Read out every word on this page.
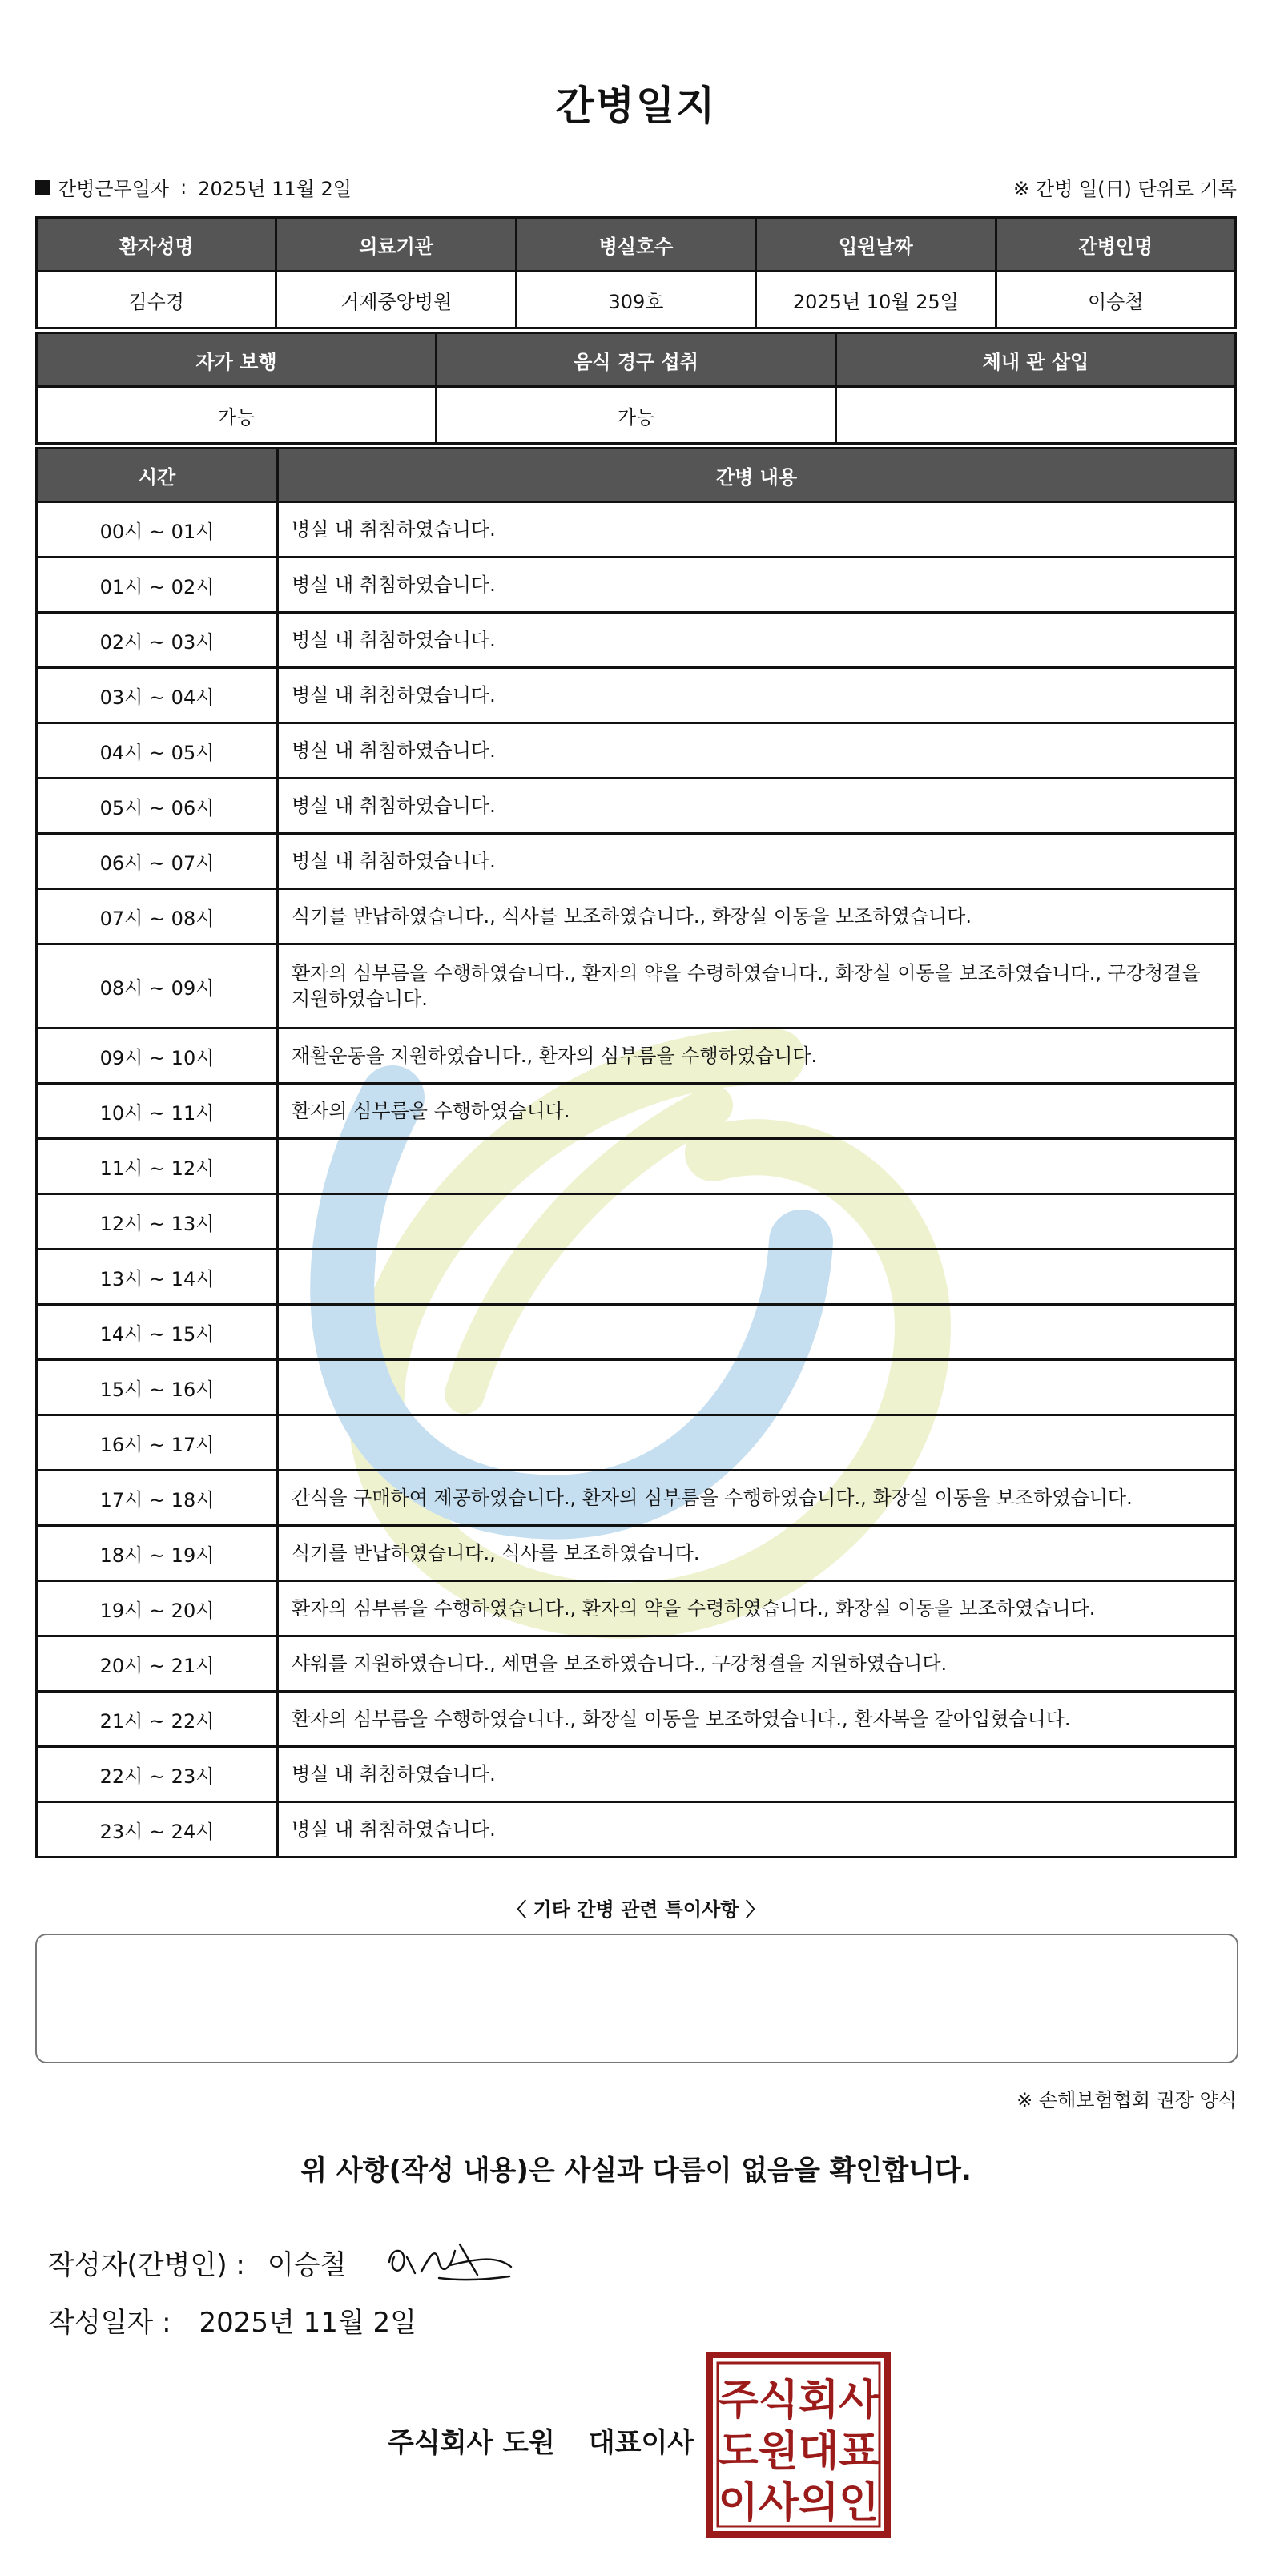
간병일지
간병근무일자 : 2025년 11월 2일	※ 간병 일(日) 단위로 기록
환자성명	의료기관	병실호수	입원날짜	간병인명
김수경	거제중앙병원	309호	2025년 10월 25일	이승철
자가 보행	음식 경구 섭취	체내 관 삽입
가능	가능	
시간	간병 내용
00시 ~ 01시	병실 내 취침하였습니다.
01시 ~ 02시	병실 내 취침하였습니다.
02시 ~ 03시	병실 내 취침하였습니다.
03시 ~ 04시	병실 내 취침하였습니다.
04시 ~ 05시	병실 내 취침하였습니다.
05시 ~ 06시	병실 내 취침하였습니다.
06시 ~ 07시	병실 내 취침하였습니다.
07시 ~ 08시	식기를 반납하였습니다., 식사를 보조하였습니다., 화장실 이동을 보조하였습니다.
08시 ~ 09시	환자의 심부름을 수행하였습니다., 환자의 약을 수령하였습니다., 화장실 이동을 보조하였습니다., 구강청결을 지원하였습니다.
09시 ~ 10시	재활운동을 지원하였습니다., 환자의 심부름을 수행하였습니다.
10시 ~ 11시	환자의 심부름을 수행하였습니다.
11시 ~ 12시	
12시 ~ 13시	
13시 ~ 14시	
14시 ~ 15시	
15시 ~ 16시	
16시 ~ 17시	
17시 ~ 18시	간식을 구매하여 제공하였습니다., 환자의 심부름을 수행하였습니다., 화장실 이동을 보조하였습니다.
18시 ~ 19시	식기를 반납하였습니다., 식사를 보조하였습니다.
19시 ~ 20시	환자의 심부름을 수행하였습니다., 환자의 약을 수령하였습니다., 화장실 이동을 보조하였습니다.
20시 ~ 21시	샤워를 지원하였습니다., 세면을 보조하였습니다., 구강청결을 지원하였습니다.
21시 ~ 22시	환자의 심부름을 수행하였습니다., 화장실 이동을 보조하였습니다., 환자복을 갈아입혔습니다.
22시 ~ 23시	병실 내 취침하였습니다.
23시 ~ 24시	병실 내 취침하였습니다.
〈 기타 간병 관련 특이사항 〉
※ 손해보험협회 권장 양식
위 사항(작성 내용)은 사실과 다름이 없음을 확인합니다.
작성자(간병인) : 이승철
작성일자 : 2025년 11월 2일
주식회사 도원 대표이사
주식회사
도원대표
이사의인
